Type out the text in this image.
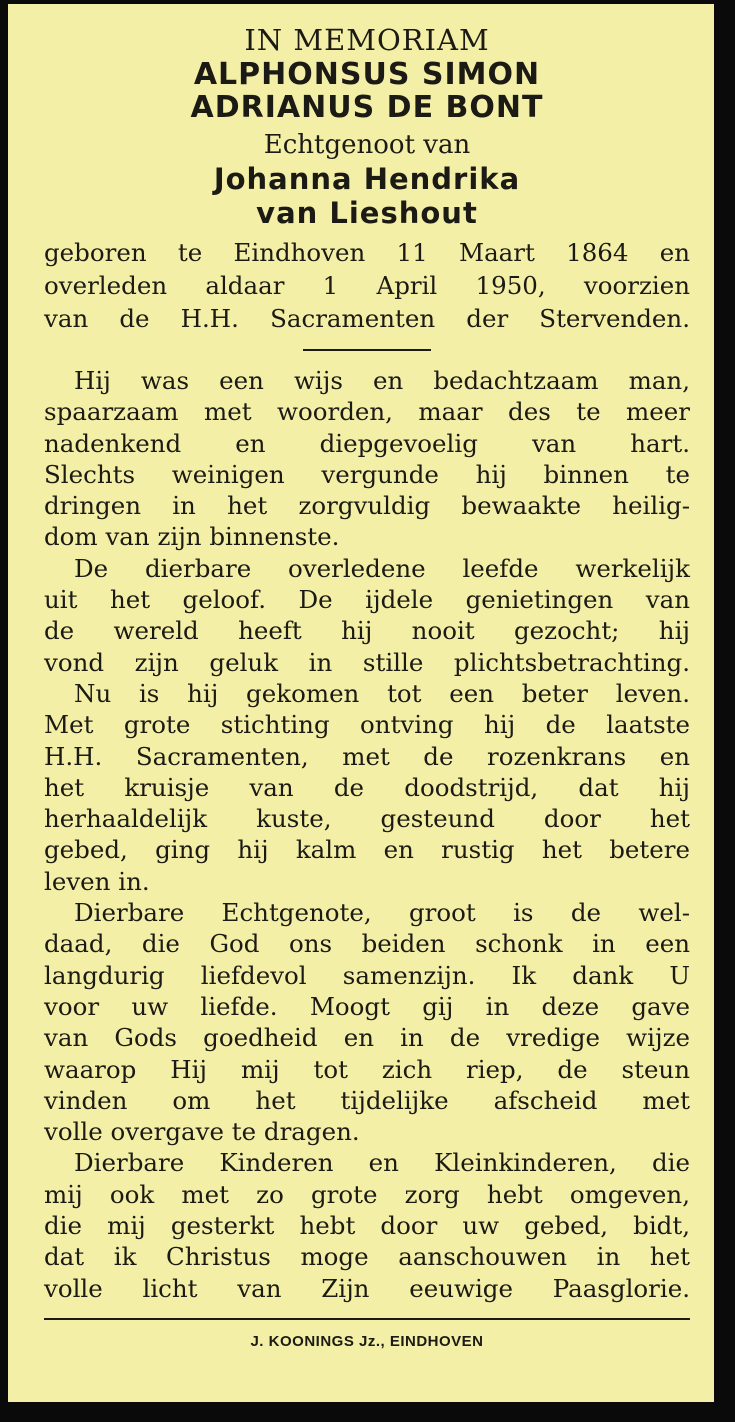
IN MEMORIAM

ALPHONSUS SIMON

ADRIANUS DE BONT

Echtgenoot van
Johanna Hendrika
van Lieshout

geboren te Eindhoven 11 Maart 1864 en

overleden aldaar 1 April 1950, voorzien

van de H.H. Sacramenten der Stervenden.

Hij was een wijs en bedachtzaam man,

spaarzaam met woorden, maar des te meer

nadenkend en diepgevoelig van hart.

Slechts weinigen vergunde hij binnen te

dringen in het zorgvuldig bewaakte heilig-

dom van zijn binnenste.

De dierbare overledene leefde werkelijk

uit het geloof. De ijdele genietingen van

de wereld heeft hij nooit gezocht; hij

vond zijn geluk in stille plichtsbetrachting.

Nu is hij gekomen tot een beter leven.

Met grote stichting ontving hij de laatste

H.H. Sacramenten, met de rozenkrans en

het kruisje van de doodstrijd, dat hij

herhaaldelijk kuste, gesteund door het

gebed, ging hij kalm en rustig het betere

leven in.

Dierbare Echtgenote, groot is de wel-

daad, die God ons beiden schonk in een

langdurig liefdevol samenzijn. Ik dank U

voor uw liefde. Moogt gij in deze gave

van Gods goedheid en in de vredige wijze

waarop Hij mij tot zich riep, de steun

vinden om het tijdelijke afscheid met

volle overgave te dragen.

Dierbare Kinderen en Kleinkinderen, die

mij ook met zo grote zorg hebt omgeven,

die mij gesterkt hebt door uw gebed, bidt,

dat ik Christus moge aanschouwen in het

volle licht van Zijn eeuwige Paasglorie.

J. KOONINGS Jz., EINDHOVEN
